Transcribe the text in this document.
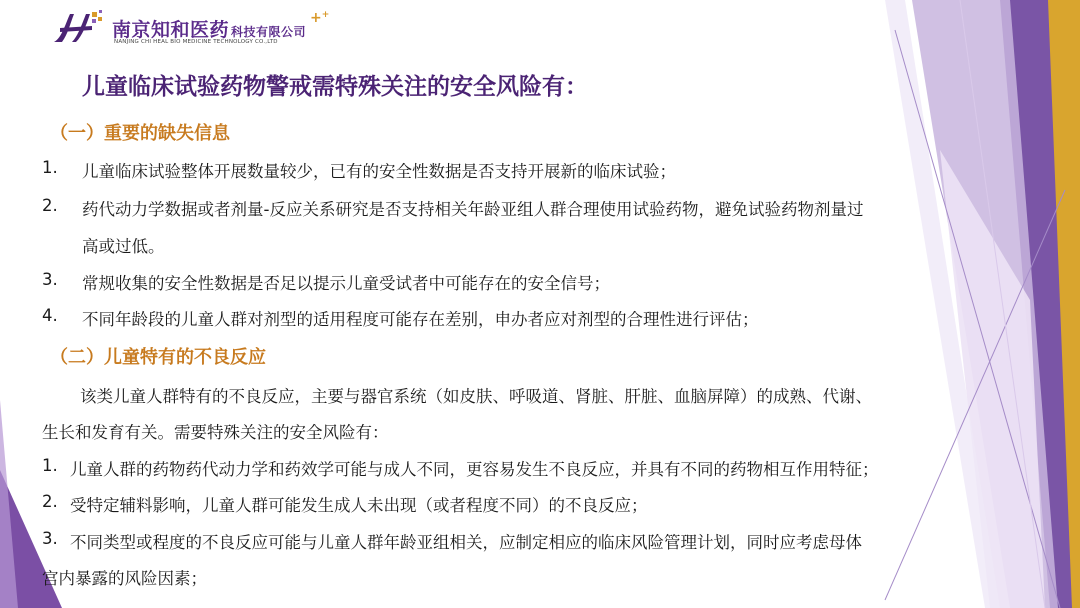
南京知和医药 科技有限公司
++
NANJING CHI HEAL BIO MEDICINE TECHNOLOGY CO.,LTD
儿童临床试验药物警戒需特殊关注的安全风险有：
（一）重要的缺失信息
1. 儿童临床试验整体开展数量较少，已有的安全性数据是否支持开展新的临床试验；
2. 药代动力学数据或者剂量-反应关系研究是否支持相关年龄亚组人群合理使用试验药物，避免试验药物剂量过
高或过低。
3. 常规收集的安全性数据是否足以提示儿童受试者中可能存在的安全信号；
4. 不同年龄段的儿童人群对剂型的适用程度可能存在差别，申办者应对剂型的合理性进行评估；
（二）儿童特有的不良反应
该类儿童人群特有的不良反应，主要与器官系统（如皮肤、呼吸道、肾脏、肝脏、血脑屏障）的成熟、代谢、
生长和发育有关。需要特殊关注的安全风险有：
1. 儿童人群的药物药代动力学和药效学可能与成人不同，更容易发生不良反应，并具有不同的药物相互作用特征；
2. 受特定辅料影响，儿童人群可能发生成人未出现（或者程度不同）的不良反应；
3. 不同类型或程度的不良反应可能与儿童人群年龄亚组相关，应制定相应的临床风险管理计划，同时应考虑母体
宫内暴露的风险因素；
